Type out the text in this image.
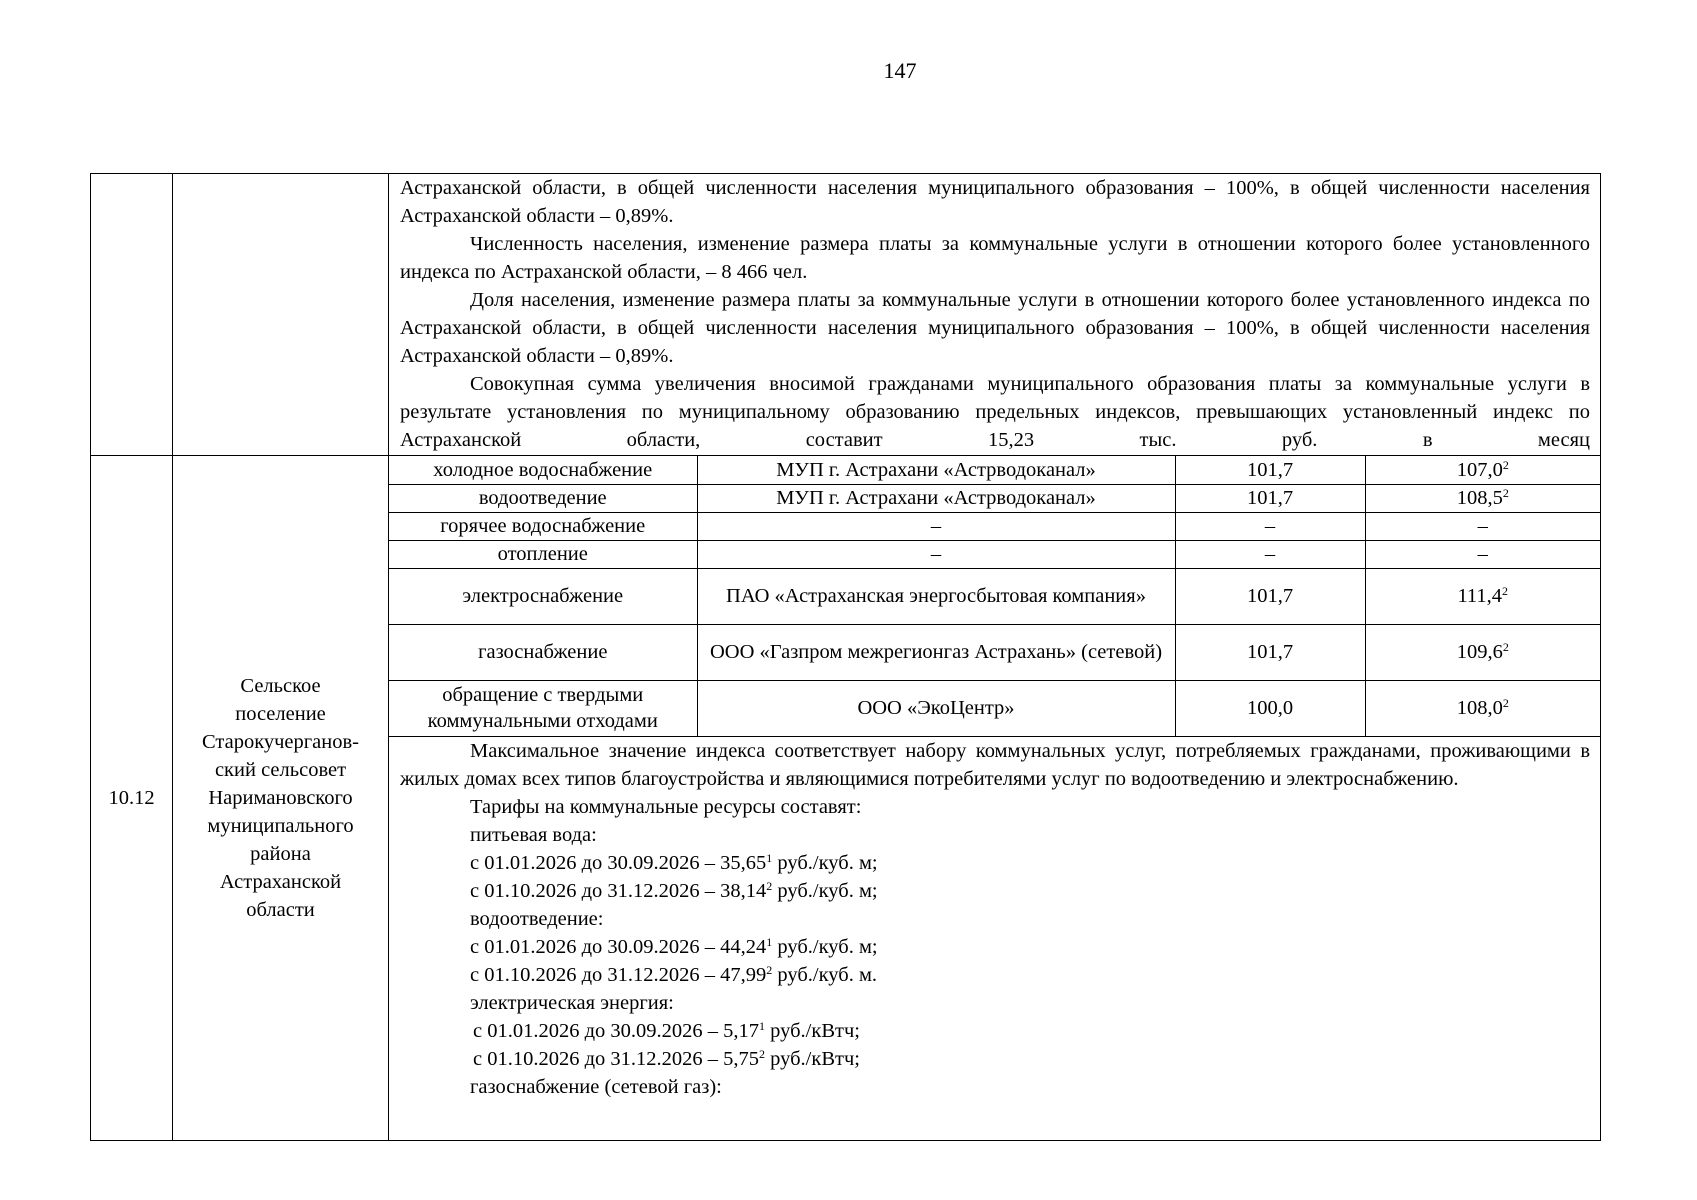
147

Астраханской области, в общей численности населения муниципального образования – 100%, в общей численности населения Астраханской области – 0,89%.

Численность населения, изменение размера платы за коммунальные услуги в отношении которого более установленного индекса по Астраханской области, – 8 466 чел.

Доля населения, изменение размера платы за коммунальные услуги в отношении которого более установленного индекса по Астраханской области, в общей численности населения муниципального образования – 100%, в общей численности населения Астраханской области – 0,89%.

Совокупная сумма увеличения вносимой гражданами муниципального образования платы за коммунальные услуги в результате установления по муниципальному образованию предельных индексов, превышающих установленный индекс по Астраханской области, составит 15,23 тыс. руб. в месяц

10.12	
Сельское
поселение
Старокучерганов-
ский сельсовет
Наримановского
муниципального
района
Астраханской
области

холодное водоснабжение	МУП г. Астрахани «Астрводоканал»	101,7	107,0$^2$
водоотведение	МУП г. Астрахани «Астрводоканал»	101,7	108,5$^2$
горячее водоснабжение	–	–	–
отопление	–	–	–
электроснабжение	ПАО «Астраханская энергосбытовая компания»	101,7	111,4$^2$
газоснабжение	ООО «Газпром межрегионгаз Астрахань» (сетевой)	101,7	109,6$^2$
обращение с твердыми коммунальными отходами	ООО «ЭкоЦентр»	100,0	108,0$^2$

Максимальное значение индекса соответствует набору коммунальных услуг, потребляемых гражданами, проживающими в жилых домах всех типов благоустройства и являющимися потребителями услуг по водоотведению и электроснабжению.

Тарифы на коммунальные ресурсы составят:

питьевая вода:

с 01.01.2026 до 30.09.2026 – 35,65$^1$ руб./куб. м;

с 01.10.2026 до 31.12.2026 – 38,14$^2$ руб./куб. м;

водоотведение:

с 01.01.2026 до 30.09.2026 – 44,24$^1$ руб./куб. м;

с 01.10.2026 до 31.12.2026 – 47,99$^2$ руб./куб. м.

электрическая энергия:

с 01.01.2026 до 30.09.2026 – 5,17$^1$ руб./кВтч;

с 01.10.2026 до 31.12.2026 – 5,75$^2$ руб./кВтч;

газоснабжение (сетевой газ):
